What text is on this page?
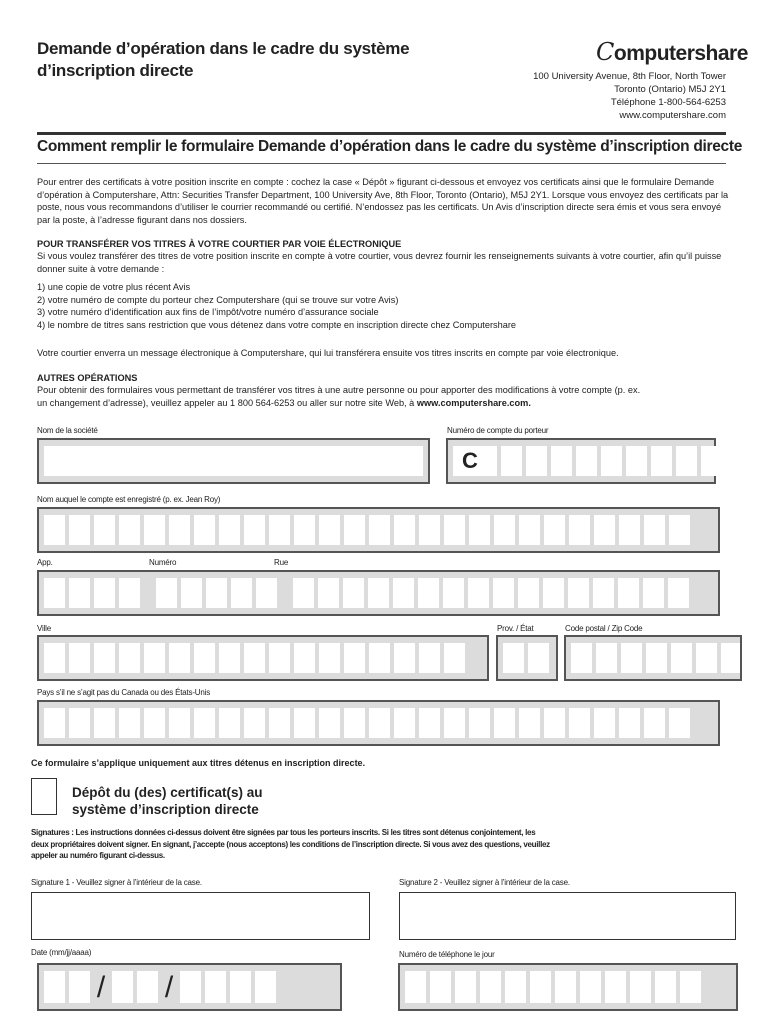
Demande d’opération dans le cadre du système d’inscription directe
Computershare
100 University Avenue, 8th Floor, North Tower
Toronto (Ontario) M5J 2Y1
Téléphone 1-800-564-6253
www.computershare.com
Comment remplir le formulaire Demande d’opération dans le cadre du système d’inscription directe
Pour entrer des certificats à votre position inscrite en compte : cochez la case « Dépôt » figurant ci-dessous et envoyez vos certificats ainsi que le formulaire Demande d’opération à Computershare, Attn: Securities Transfer Department, 100 University Ave, 8th Floor, Toronto (Ontario), M5J 2Y1. Lorsque vous envoyez des certificats par la poste, nous vous recommandons d’utiliser le courrier recommandé ou certifié. N’endossez pas les certificats. Un Avis d’inscription directe sera émis et vous sera envoyé par la poste, à l’adresse figurant dans nos dossiers.
POUR TRANSFÉRER VOS TITRES À VOTRE COURTIER PAR VOIE ÉLECTRONIQUE
Si vous voulez transférer des titres de votre position inscrite en compte à votre courtier, vous devrez fournir les renseignements suivants à votre courtier, afin qu’il puisse donner suite à votre demande :
1) une copie de votre plus récent Avis
2) votre numéro de compte du porteur chez Computershare (qui se trouve sur votre Avis)
3) votre numéro d’identification aux fins de l’impôt/votre numéro d’assurance sociale
4) le nombre de titres sans restriction que vous détenez dans votre compte en inscription directe chez Computershare
Votre courtier enverra un message électronique à Computershare, qui lui transférera ensuite vos titres inscrits en compte par voie électronique.
AUTRES OPÉRATIONS
Pour obtenir des formulaires vous permettant de transférer vos titres à une autre personne ou pour apporter des modifications à votre compte (p. ex. un changement d’adresse), veuillez appeler au 1 800 564-6253 ou aller sur notre site Web, à www.computershare.com.
Nom de la société	Numéro de compte du porteur
C
Nom auquel le compte est enregistré (p. ex. Jean Roy)
App.	Numéro	Rue
Ville	Prov. / État	Code postal / Zip Code
Pays s’il ne s’agit pas du Canada ou des États-Unis
Ce formulaire s’applique uniquement aux titres détenus en inscription directe.
Dépôt du (des) certificat(s) au
système d’inscription directe
Signatures : Les instructions données ci-dessus doivent être signées par tous les porteurs inscrits. Si les titres sont détenus conjointement, les deux propriétaires doivent signer. En signant, j’accepte (nous acceptons) les conditions de l’inscription directe. Si vous avez des questions, veuillez appeler au numéro figurant ci-dessus.
Signature 1 - Veuillez signer à l’intérieur de la case.	Signature 2 - Veuillez signer à l’intérieur de la case.
Date (mm/jj/aaaa)	Numéro de téléphone le jour
/ /
